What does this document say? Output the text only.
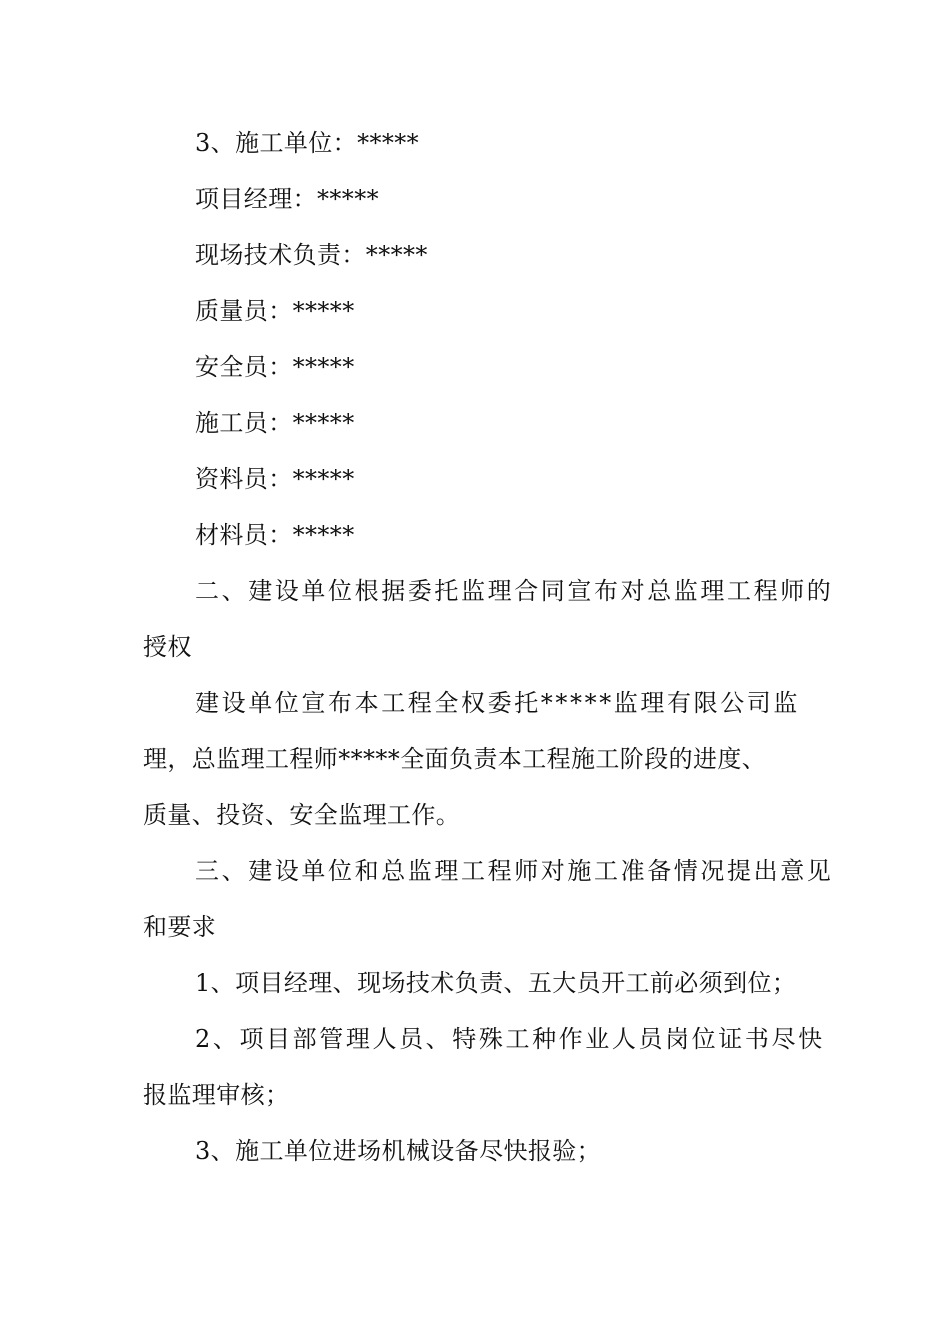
3、施工单位：*****

项目经理：*****

现场技术负责：*****

质量员：*****

安全员：*****

施工员：*****

资料员：*****

材料员：*****

二、建设单位根据委托监理合同宣布对总监理工程师的

授权

建设单位宣布本工程全权委托*****监理有限公司监

理，总监理工程师*****全面负责本工程施工阶段的进度、

质量、投资、安全监理工作。

三、建设单位和总监理工程师对施工准备情况提出意见

和要求

1、项目经理、现场技术负责、五大员开工前必须到位；

2、项目部管理人员、特殊工种作业人员岗位证书尽快

报监理审核；

3、施工单位进场机械设备尽快报验；
